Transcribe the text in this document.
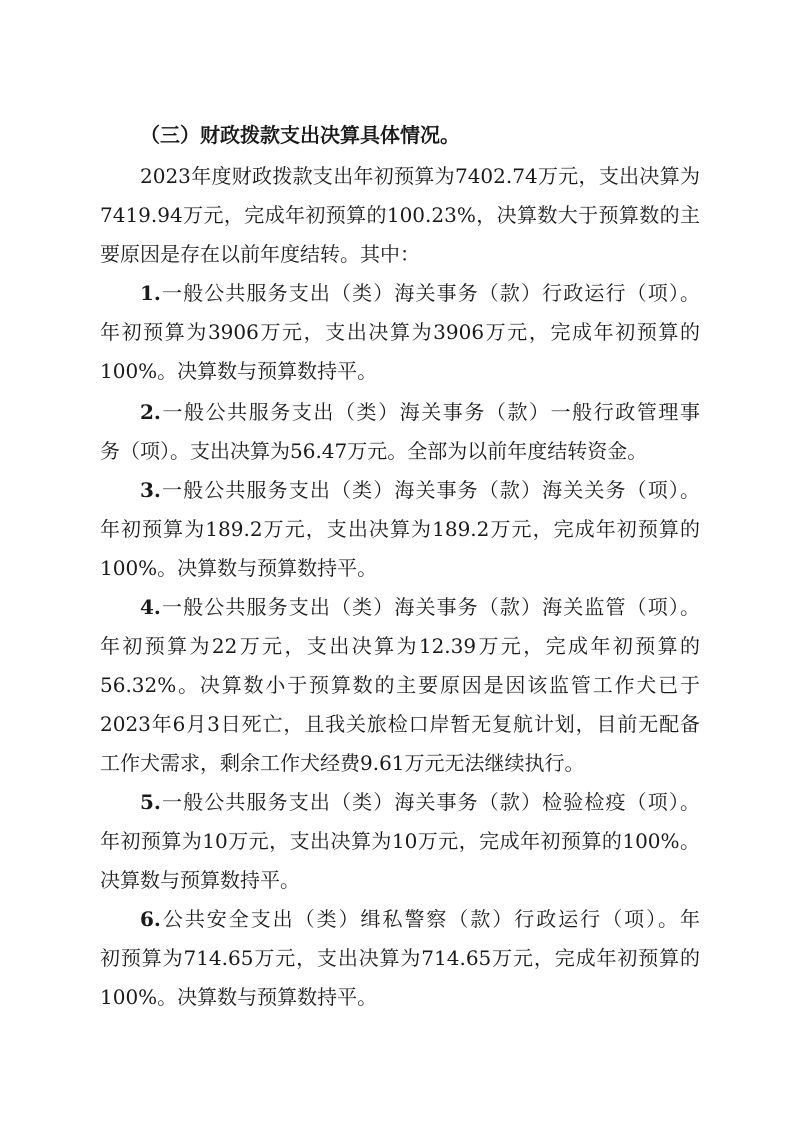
（三）财政拨款支出决算具体情况。
2023年度财政拨款支出年初预算为7402.74万元，支出决算为
7419.94万元，完成年初预算的100.23%，决算数大于预算数的主
要原因是存在以前年度结转。其中：
1.一般公共服务支出（类）海关事务（款）行政运行（项）。
年初预算为3906万元，支出决算为3906万元，完成年初预算的
100%。决算数与预算数持平。
2.一般公共服务支出（类）海关事务（款）一般行政管理事
务（项）。支出决算为56.47万元。全部为以前年度结转资金。
3.一般公共服务支出（类）海关事务（款）海关关务（项）。
年初预算为189.2万元，支出决算为189.2万元，完成年初预算的
100%。决算数与预算数持平。
4.一般公共服务支出（类）海关事务（款）海关监管（项）。
年初预算为22万元，支出决算为12.39万元，完成年初预算的
56.32%。决算数小于预算数的主要原因是因该监管工作犬已于
2023年6月3日死亡，且我关旅检口岸暂无复航计划，目前无配备
工作犬需求，剩余工作犬经费9.61万元无法继续执行。
5.一般公共服务支出（类）海关事务（款）检验检疫（项）。
年初预算为10万元，支出决算为10万元，完成年初预算的100%。
决算数与预算数持平。
6.公共安全支出（类）缉私警察（款）行政运行（项）。年
初预算为714.65万元，支出决算为714.65万元，完成年初预算的
100%。决算数与预算数持平。
